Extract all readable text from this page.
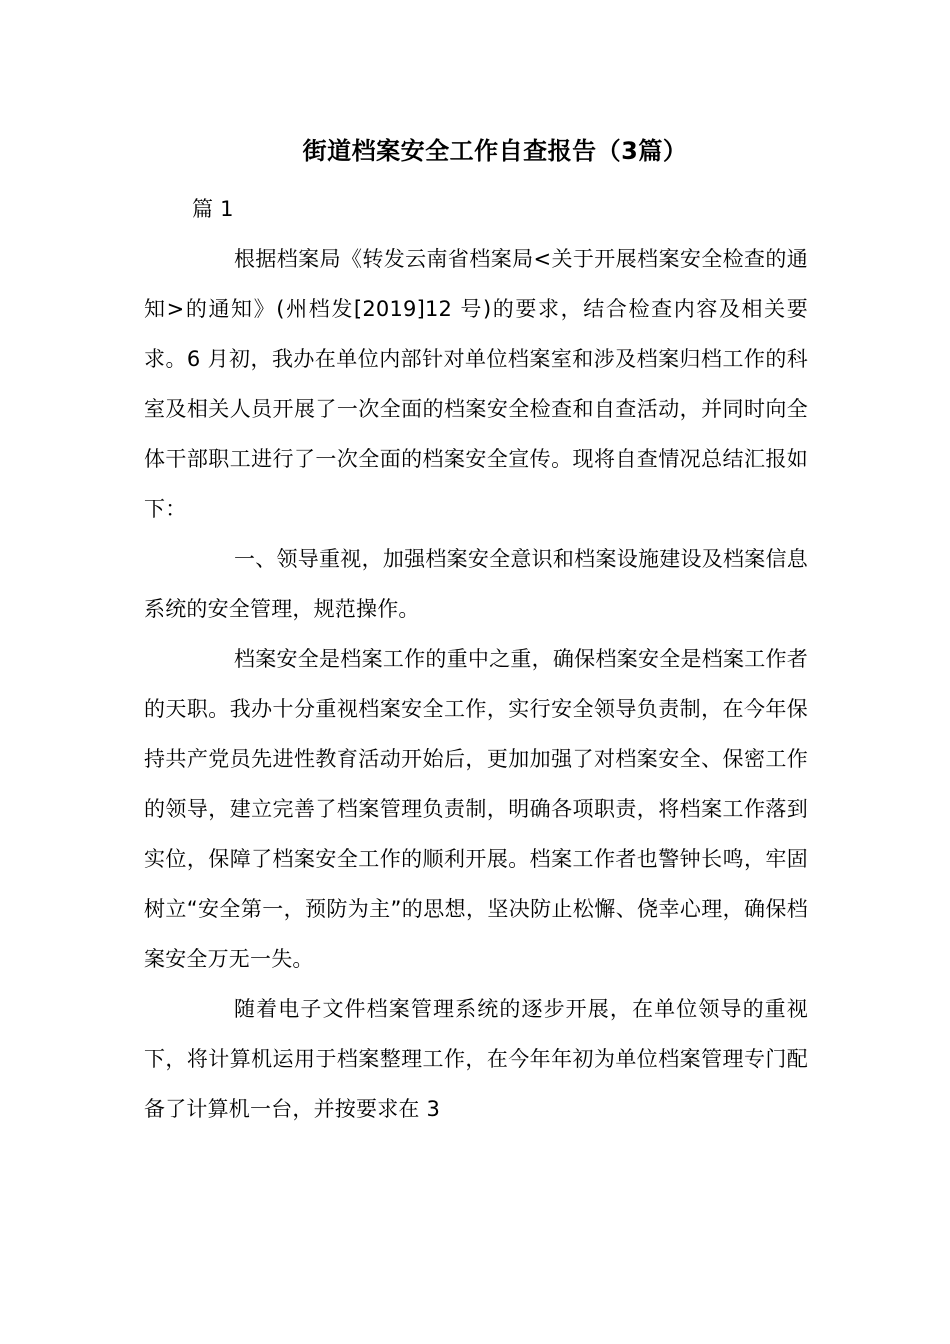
街道档案安全工作自查报告（3篇）

篇 1

根据档案局《转发云南省档案局<关于开展档案安全检查的通知>的通知》(州档发[2019]12 号)的要求，结合检查内容及相关要求。6 月初，我办在单位内部针对单位档案室和涉及档案归档工作的科室及相关人员开展了一次全面的档案安全检查和自查活动，并同时向全体干部职工进行了一次全面的档案安全宣传。现将自查情况总结汇报如下：

一、领导重视，加强档案安全意识和档案设施建设及档案信息系统的安全管理，规范操作。

档案安全是档案工作的重中之重，确保档案安全是档案工作者的天职。我办十分重视档案安全工作，实行安全领导负责制，在今年保持共产党员先进性教育活动开始后，更加加强了对档案安全、保密工作的领导，建立完善了档案管理负责制，明确各项职责，将档案工作落到实位，保障了档案安全工作的顺利开展。档案工作者也警钟长鸣，牢固树立“安全第一，预防为主”的思想，坚决防止松懈、侥幸心理，确保档案安全万无一失。

随着电子文件档案管理系统的逐步开展，在单位领导的重视下，将计算机运用于档案整理工作，在今年年初为单位档案管理专门配备了计算机一台，并按要求在 3
